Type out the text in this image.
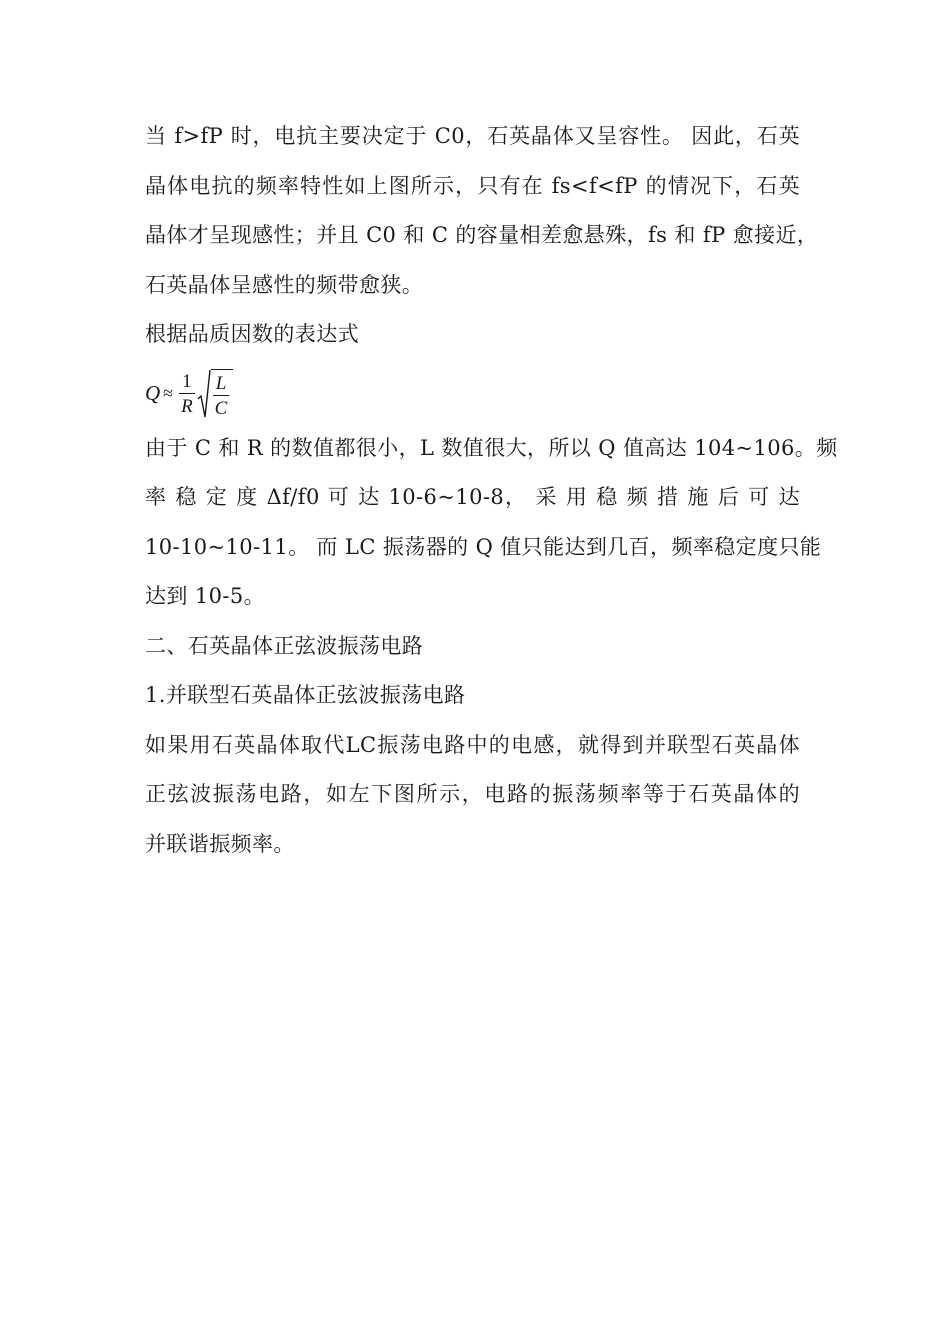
当 f>fP 时，电抗主要决定于 C0，石英晶体又呈容性。 因此，石英
晶体电抗的频率特性如上图所示，只有在 fs<f<fP 的情况下，石英
晶体才呈现感性；并且 C0 和 C 的容量相差愈悬殊，fs 和 fP 愈接近，
石英晶体呈感性的频带愈狭。

根据品质因数的表达式

$Q \approx \frac{1}{R} \frac{L}{C}$

由于 C 和 R 的数值都很小，L 数值很大，所以 Q 值高达 104~106。频
率 稳 定 度 Δf/f0 可 达 10-6~10-8， 采 用 稳 频 措 施 后 可 达
10-10~10-11。 而 LC 振荡器的 Q 值只能达到几百，频率稳定度只能
达到 10-5。

二、石英晶体正弦波振荡电路

1.并联型石英晶体正弦波振荡电路

如果用石英晶体取代LC振荡电路中的电感，就得到并联型石英晶体
正弦波振荡电路，如左下图所示，电路的振荡频率等于石英晶体的
并联谐振频率。
